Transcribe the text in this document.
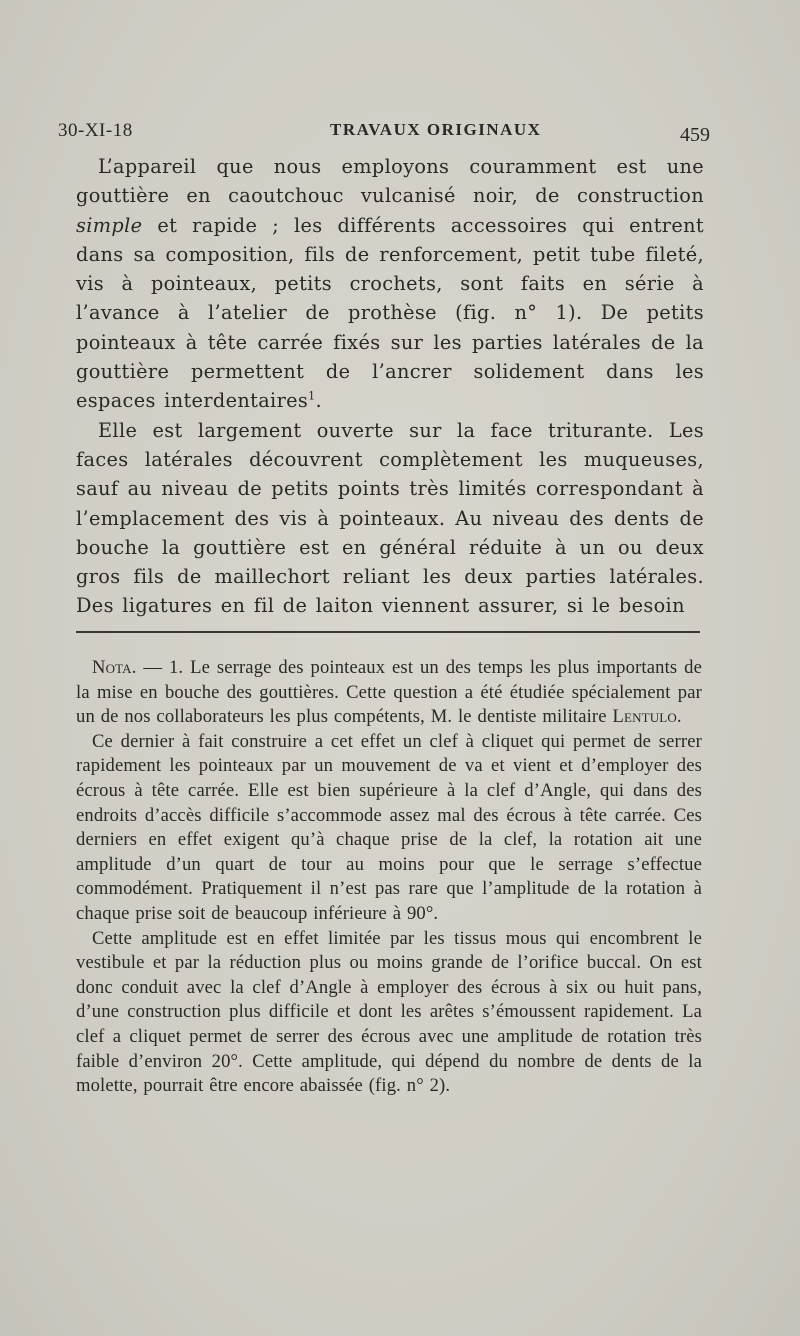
30-XI-18	TRAVAUX ORIGINAUX	459

L’appareil que nous employons couramment est une gouttière en caoutchouc vulcanisé noir, de construction simple et rapide ; les différents accessoires qui entrent dans sa composition, fils de renforcement, petit tube fileté, vis à pointeaux, petits crochets, sont faits en série à l’avance à l’atelier de prothèse (fig. n° 1). De petits pointeaux à tête carrée fixés sur les parties latérales de la gouttière permettent de l’ancrer solidement dans les espaces interdentaires$^1$.

Elle est largement ouverte sur la face triturante. Les faces latérales découvrent complètement les muqueuses, sauf au niveau de petits points très limités correspondant à l’emplacement des vis à pointeaux. Au niveau des dents de bouche la gouttière est en général réduite à un ou deux gros fils de maillechort reliant les deux parties latérales. Des ligatures en fil de laiton viennent assurer, si le besoin

Nota. — 1. Le serrage des pointeaux est un des temps les plus importants de la mise en bouche des gouttières. Cette question a été étudiée spécialement par un de nos collaborateurs les plus compétents, M. le dentiste militaire Lentulo.

Ce dernier à fait construire a cet effet un clef à cliquet qui permet de serrer rapidement les pointeaux par un mouvement de va et vient et d’employer des écrous à tête carrée. Elle est bien supérieure à la clef d’Angle, qui dans des endroits d’accès difficile s’accommode assez mal des écrous à tête carrée. Ces derniers en effet exigent qu’à chaque prise de la clef, la rotation ait une amplitude d’un quart de tour au moins pour que le serrage s’effectue commodément. Pratiquement il n’est pas rare que l’amplitude de la rotation à chaque prise soit de beaucoup inférieure à 90°.

Cette amplitude est en effet limitée par les tissus mous qui encombrent le vestibule et par la réduction plus ou moins grande de l’orifice buccal. On est donc conduit avec la clef d’Angle à employer des écrous à six ou huit pans, d’une construction plus difficile et dont les arêtes s’émoussent rapidement. La clef a cliquet permet de serrer des écrous avec une amplitude de rotation très faible d’environ 20°. Cette amplitude, qui dépend du nombre de dents de la molette, pourrait être encore abaissée (fig. n° 2).
